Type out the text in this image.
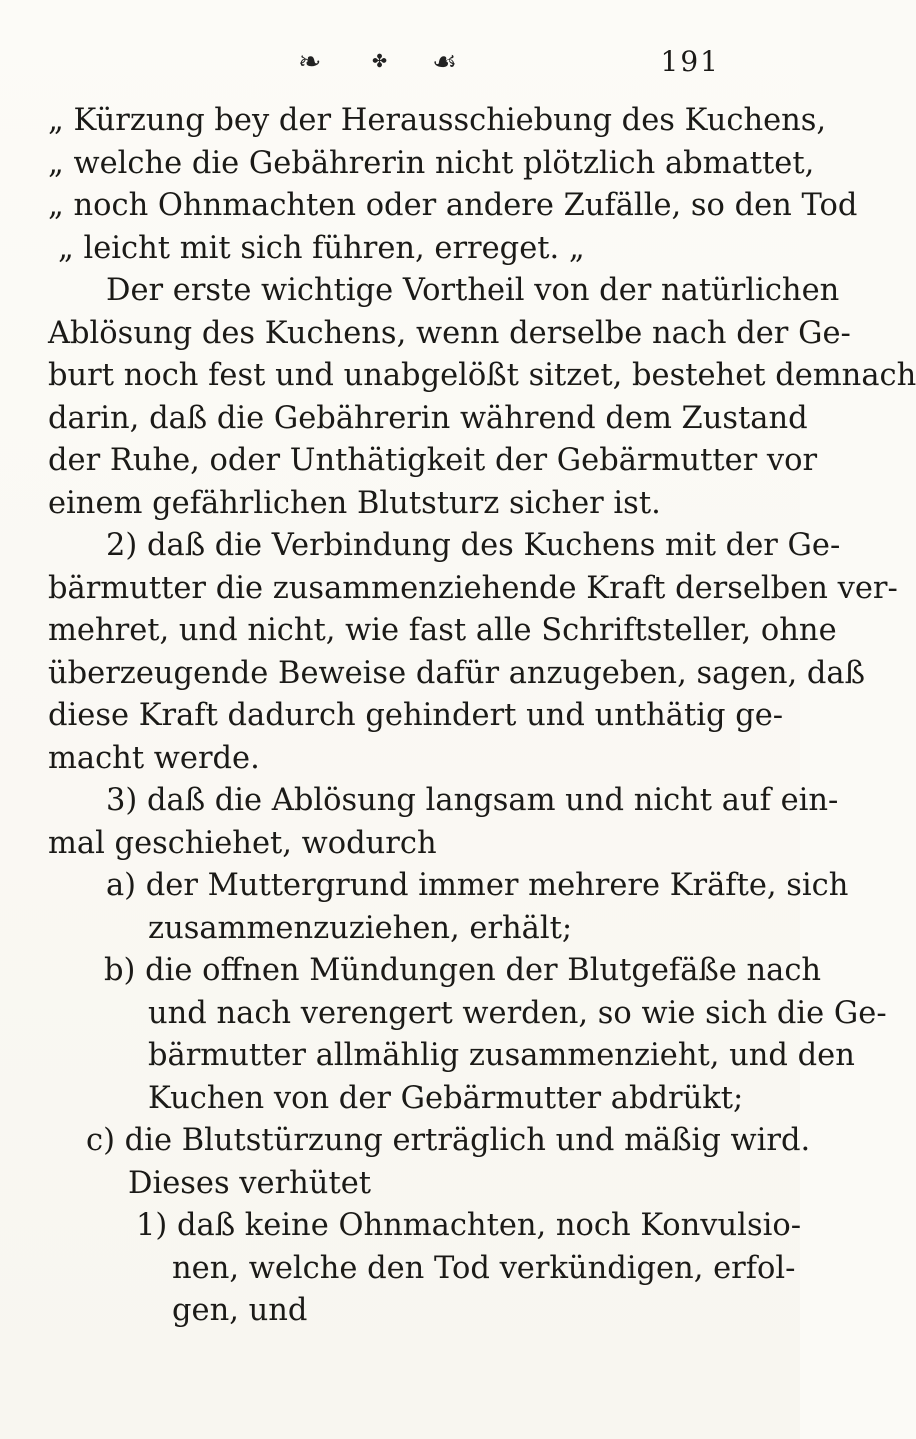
❧	✤ ☙	191
„ Kürzung bey der Herausschiebung des Kuchens,
„ welche die Gebährerin nicht plötzlich abmattet,
„ noch Ohnmachten oder andere Zufälle, so den Tod
„ leicht mit sich führen, erreget. „
Der erste wichtige Vortheil von der natürlichen
Ablösung des Kuchens, wenn derselbe nach der Ge-
burt noch fest und unabgelößt sitzet, bestehet demnach
darin, daß die Gebährerin während dem Zustand
der Ruhe, oder Unthätigkeit der Gebärmutter vor
einem gefährlichen Blutsturz sicher ist.
2) daß die Verbindung des Kuchens mit der Ge-
bärmutter die zusammenziehende Kraft derselben ver-
mehret, und nicht, wie fast alle Schriftsteller, ohne
überzeugende Beweise dafür anzugeben, sagen, daß
diese Kraft dadurch gehindert und unthätig ge-
macht werde.
3) daß die Ablösung langsam und nicht auf ein-
mal geschiehet, wodurch
a) der Muttergrund immer mehrere Kräfte, sich
zusammenzuziehen, erhält;
b) die offnen Mündungen der Blutgefäße nach
und nach verengert werden, so wie sich die Ge-
bärmutter allmählig zusammenzieht, und den
Kuchen von der Gebärmutter abdrükt;
c) die Blutstürzung erträglich und mäßig wird.
Dieses verhütet
1) daß keine Ohnmachten, noch Konvulsio-
nen, welche den Tod verkündigen, erfol-
gen, und
